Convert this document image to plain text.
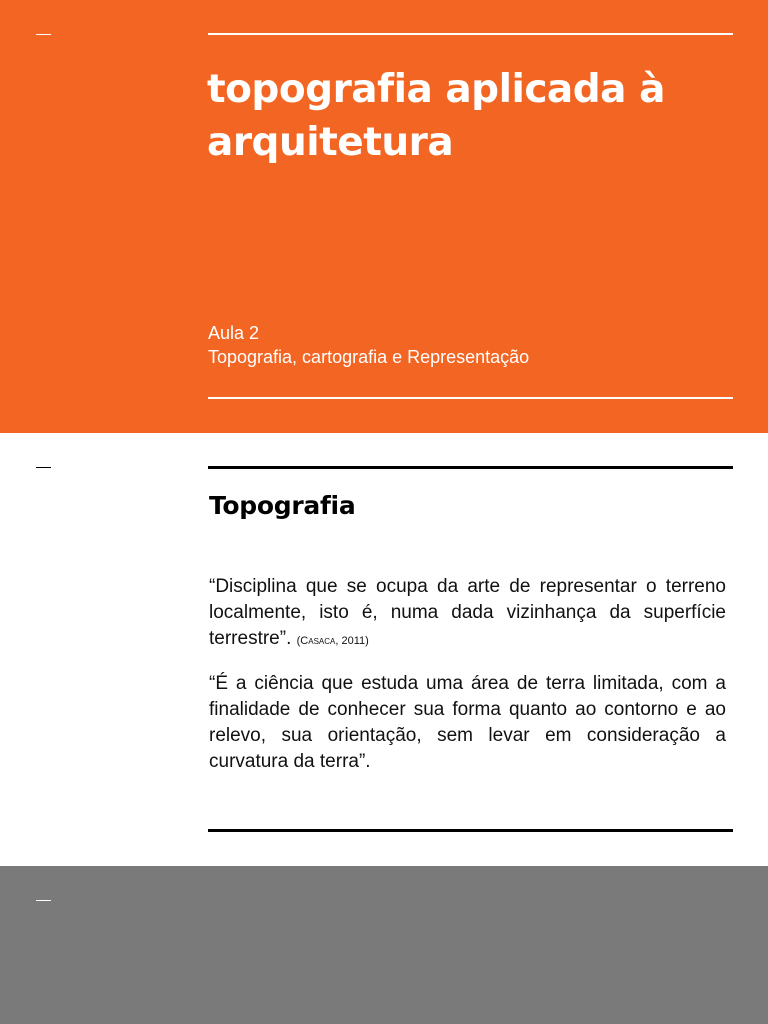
topografia aplicada à arquitetura
Aula 2
Topografia, cartografia e Representação
Topografia

“Disciplina que se ocupa da arte de representar o terreno localmente, isto é, numa dada vizinhança da superfície terrestre”. (Casaca, 2011)

“É a ciência que estuda uma área de terra limitada, com a finalidade de conhecer sua forma quanto ao contorno e ao relevo, sua orientação, sem levar em consideração a curvatura da terra”.
